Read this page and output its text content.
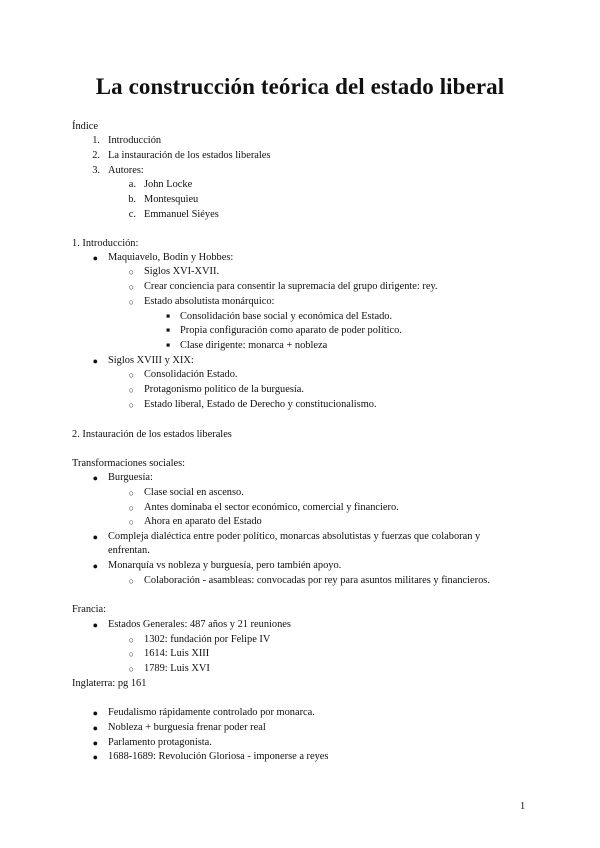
La construcción teórica del estado liberal
Índice
1. Introducción
2. La instauración de los estados liberales
3. Autores:
a. John Locke
b. Montesquieu
c. Emmanuel Siéyes
1. Introducción:
● Maquiavelo, Bodin y Hobbes:
○ Siglos XVI-XVII.
○ Crear conciencia para consentir la supremacía del grupo dirigente: rey.
○ Estado absolutista monárquico:
■ Consolidación base social y económica del Estado.
■ Propia configuración como aparato de poder político.
■ Clase dirigente: monarca + nobleza
● Siglos XVIII y XIX:
○ Consolidación Estado.
○ Protagonismo político de la burguesía.
○ Estado liberal, Estado de Derecho y constitucionalismo.
2. Instauración de los estados liberales
Transformaciones sociales:
● Burguesía:
○ Clase social en ascenso.
○ Antes dominaba el sector económico, comercial y financiero.
○ Ahora en aparato del Estado
● Compleja dialéctica entre poder político, monarcas absolutistas y fuerzas que colaboran y enfrentan.
● Monarquía vs nobleza y burguesía, pero también apoyo.
○ Colaboración - asambleas: convocadas por rey para asuntos militares y financieros.
Francia:
● Estados Generales: 487 años y 21 reuniones
○ 1302: fundación por Felipe IV
○ 1614: Luis XIII
○ 1789: Luis XVI
Inglaterra: pg 161
● Feudalismo rápidamente controlado por monarca.
● Nobleza + burguesía frenar poder real
● Parlamento protagonista.
● 1688-1689: Revolución Gloriosa - imponerse a reyes
1
